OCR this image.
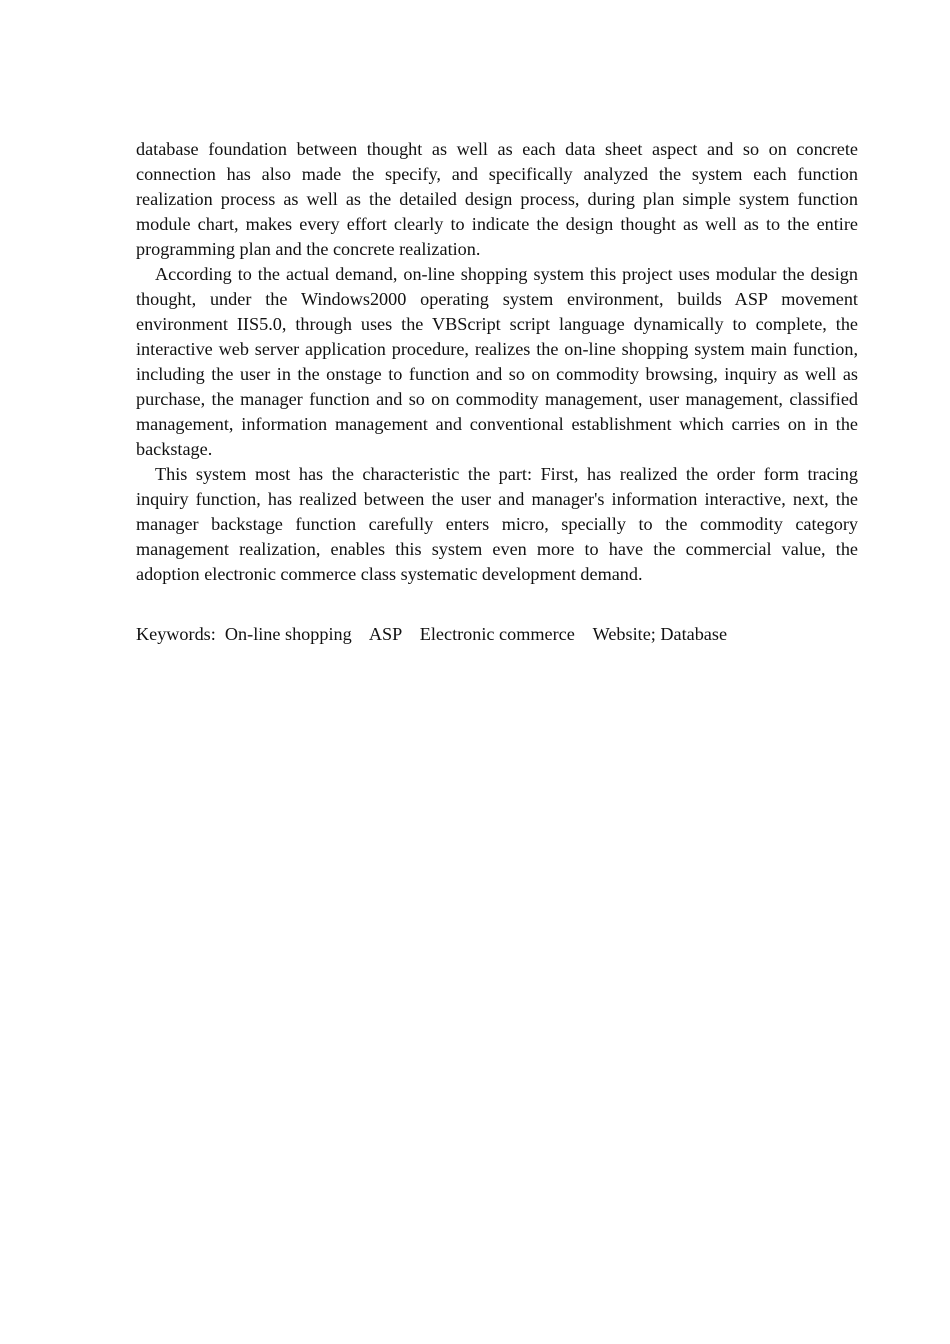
database foundation between thought as well as each data sheet aspect and so on concrete connection has also made the specify, and specifically analyzed the system each function realization process as well as the detailed design process, during plan simple system function module chart, makes every effort clearly to indicate the design thought as well as to the entire programming plan and the concrete realization.

According to the actual demand, on-line shopping system this project uses modular the design thought, under the Windows2000 operating system environment, builds ASP movement environment IIS5.0, through uses the VBScript script language dynamically to complete, the interactive web server application procedure, realizes the on-line shopping system main function, including the user in the onstage to function and so on commodity browsing, inquiry as well as purchase, the manager function and so on commodity management, user management, classified management, information management and conventional establishment which carries on in the backstage.

This system most has the characteristic the part: First, has realized the order form tracing inquiry function, has realized between the user and manager's information interactive, next, the manager backstage function carefully enters micro, specially to the commodity category management realization, enables this system even more to have the commercial value, the adoption electronic commerce class systematic development demand.

Keywords: On-line shopping    ASP    Electronic commerce    Website; Database
